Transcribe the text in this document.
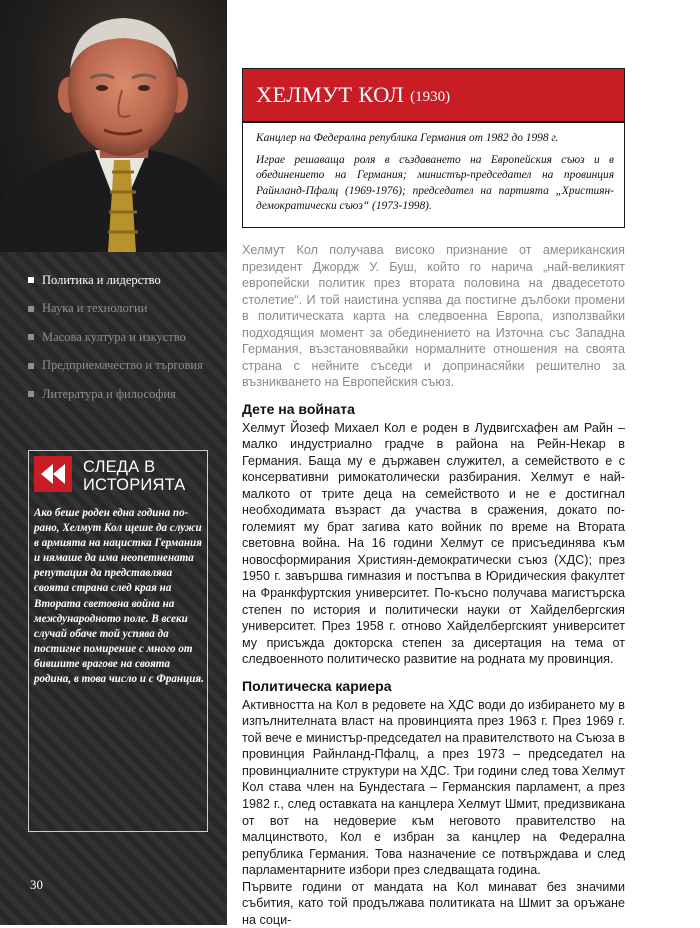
Политика и лидерство
Наука и технологии
Масова култура и изкуство
Предприемачество и търговия
Литература и философия
СЛЕДА В
ИСТОРИЯТА
Ако беше роден една година по-рано, Хелмут Кол щеше да служи в армията на нацистка Германия и нямаше да има неопетнената репутация да представлява своята страна след края на Втората световна война на международното поле. В всеки случай обаче той успява да постигне помирение с много от бившите врагове на своята родина, в това число и с Франция.
30
ХЕЛМУТ КОЛ (1930)
Канцлер на Федерална република Германия от 1982 до 1998 г.
Играе решаваща роля в създаването на Европейския съюз и в обединението на Германия; министър-председател на провинция Райнланд-Пфалц (1969-1976); председател на партията „Християн-демократически съюз“ (1973-1998).

Хелмут Кол получава високо признание от американския президент Джордж У. Буш, който го нарича „най-великият европейски политик през втората половина на двадесетото столетие“. И той наистина успява да постигне дълбоки промени в политическата карта на следвоенна Европа, използвайки подходящия момент за обединението на Източна със Западна Германия, възстановявайки нормалните отношения на своята страна с нейните съседи и допринасяйки решително за възникването на Европейския съюз.

Дете на войната

Хелмут Йозеф Михаел Кол е роден в Лудвигсхафен ам Райн – малко индустриално градче в района на Рейн-Некар в Германия. Баща му е държавен служител, а семейството е с консервативни римокатолически разбирания. Хелмут е най-малкото от трите деца на семейството и не е достигнал необходимата възраст да участва в сражения, докато по-големият му брат загива като войник по време на Втората световна война. На 16 години Хелмут се присъединява към новосформирания Християн-демократически съюз (ХДС); през 1950 г. завършва гимназия и постъпва в Юридическия факултет на Франкфуртския университет. По-късно получава магистърска степен по история и политически науки от Хайделбергския университет. През 1958 г. отново Хайделбергският университет му присъжда докторска степен за дисертация на тема от следвоенното политическо развитие на родната му провинция.

Политическа кариера

Активността на Кол в редовете на ХДС води до избирането му в изпълнителната власт на провинцията през 1963 г. През 1969 г. той вече е министър-председател на правителството на Съюза в провинция Райнланд-Пфалц, а през 1973 – председател на провинциалните структури на ХДС. Три години след това Хелмут Кол става член на Бундестага – Германския парламент, а през 1982 г., след оставката на канцлера Хелмут Шмит, предизвикана от вот на недоверие към неговото правителство на малцинството, Кол е избран за канцлер на Федерална република Германия. Това назначение се потвърждава и след парламентарните избори през следващата година.

Първите години от мандата на Кол минават без значими събития, като той продължава политиката на Шмит за оръжане на соци-
